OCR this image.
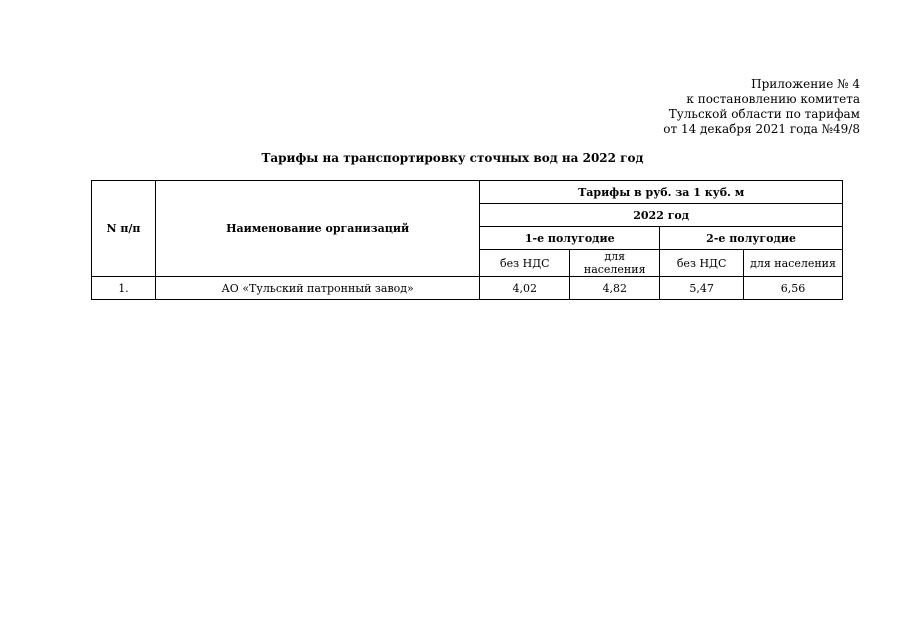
Приложение № 4
к постановлению комитета
Тульской области по тарифам
от 14 декабря 2021 года №49/8
Тарифы на транспортировку сточных вод на 2022 год
N п/п	Наименование организаций	Тарифы в руб. за 1 куб. м			
		2022 год			
		1-е полугодие		2-е полугодие	
		без НДС	для населения	без НДС	для населения
1.	АО «Тульский патронный завод»	4,02	4,82	5,47	6,56
